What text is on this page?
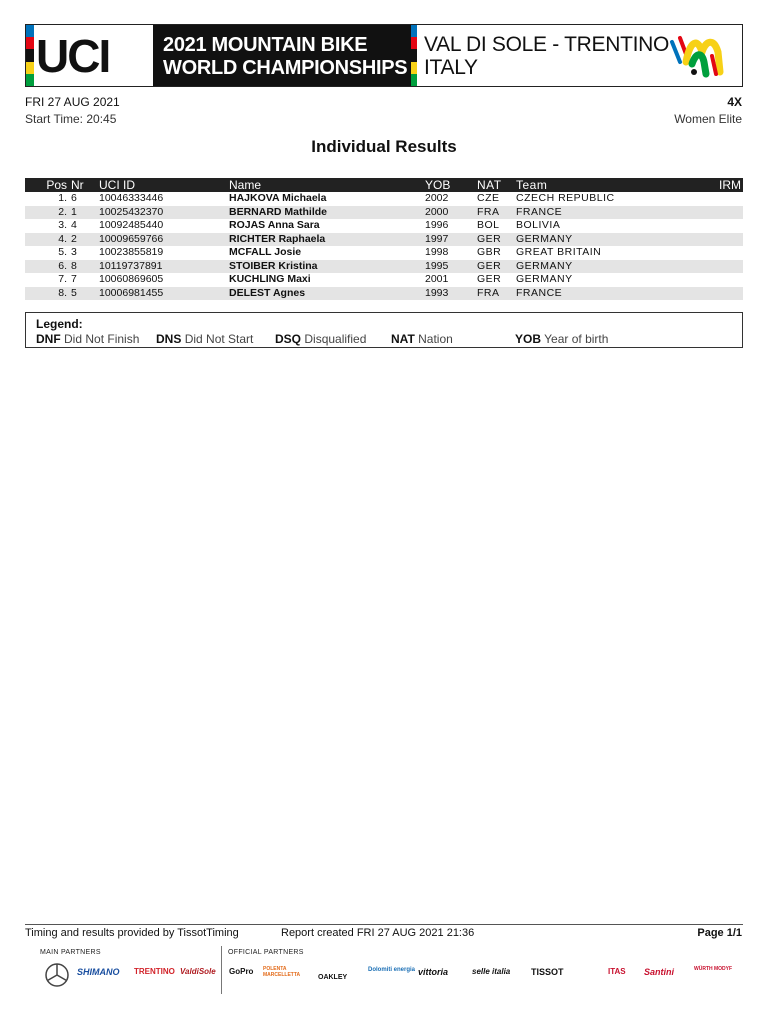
UCI	2021 MOUNTAIN BIKE
WORLD CHAMPIONSHIPS
VAL DI SOLE - TRENTINO
ITALY
FRI 27 AUG 2021
Start Time: 20:45
4X
Women Elite
Individual Results
Pos	Nr	UCI ID	Name	YOB	NAT	Team	IRM
1.	6	10046333446	HAJKOVA Michaela	2002	CZE	CZECH REPUBLIC	
2.	1	10025432370	BERNARD Mathilde	2000	FRA	FRANCE	
3.	4	10092485440	ROJAS Anna Sara	1996	BOL	BOLIVIA	
4.	2	10009659766	RICHTER Raphaela	1997	GER	GERMANY	
5.	3	10023855819	MCFALL Josie	1998	GBR	GREAT BRITAIN	
6.	8	10119737891	STOIBER Kristina	1995	GER	GERMANY	
7.	7	10060869605	KUCHLING Maxi	2001	GER	GERMANY	
8.	5	10006981455	DELEST Agnes	1993	FRA	FRANCE	
Legend:
DNF Did Not Finish DNS Did Not Start DSQ Disqualified NAT Nation	YOB Year of birth
Timing and results provided by TissotTiming	Report created FRI 27 AUG 2021 21:36	Page 1/1
MAIN PARTNERS	OFFICIAL PARTNERS
SHIMANO TRENTINO ValdiSole GoPro POLENTA MARCELLETTA	OAKLEY
Dolomiti energia vittoria	selle italia TISSOT	ITAS Santini	WÜRTH MODYF
